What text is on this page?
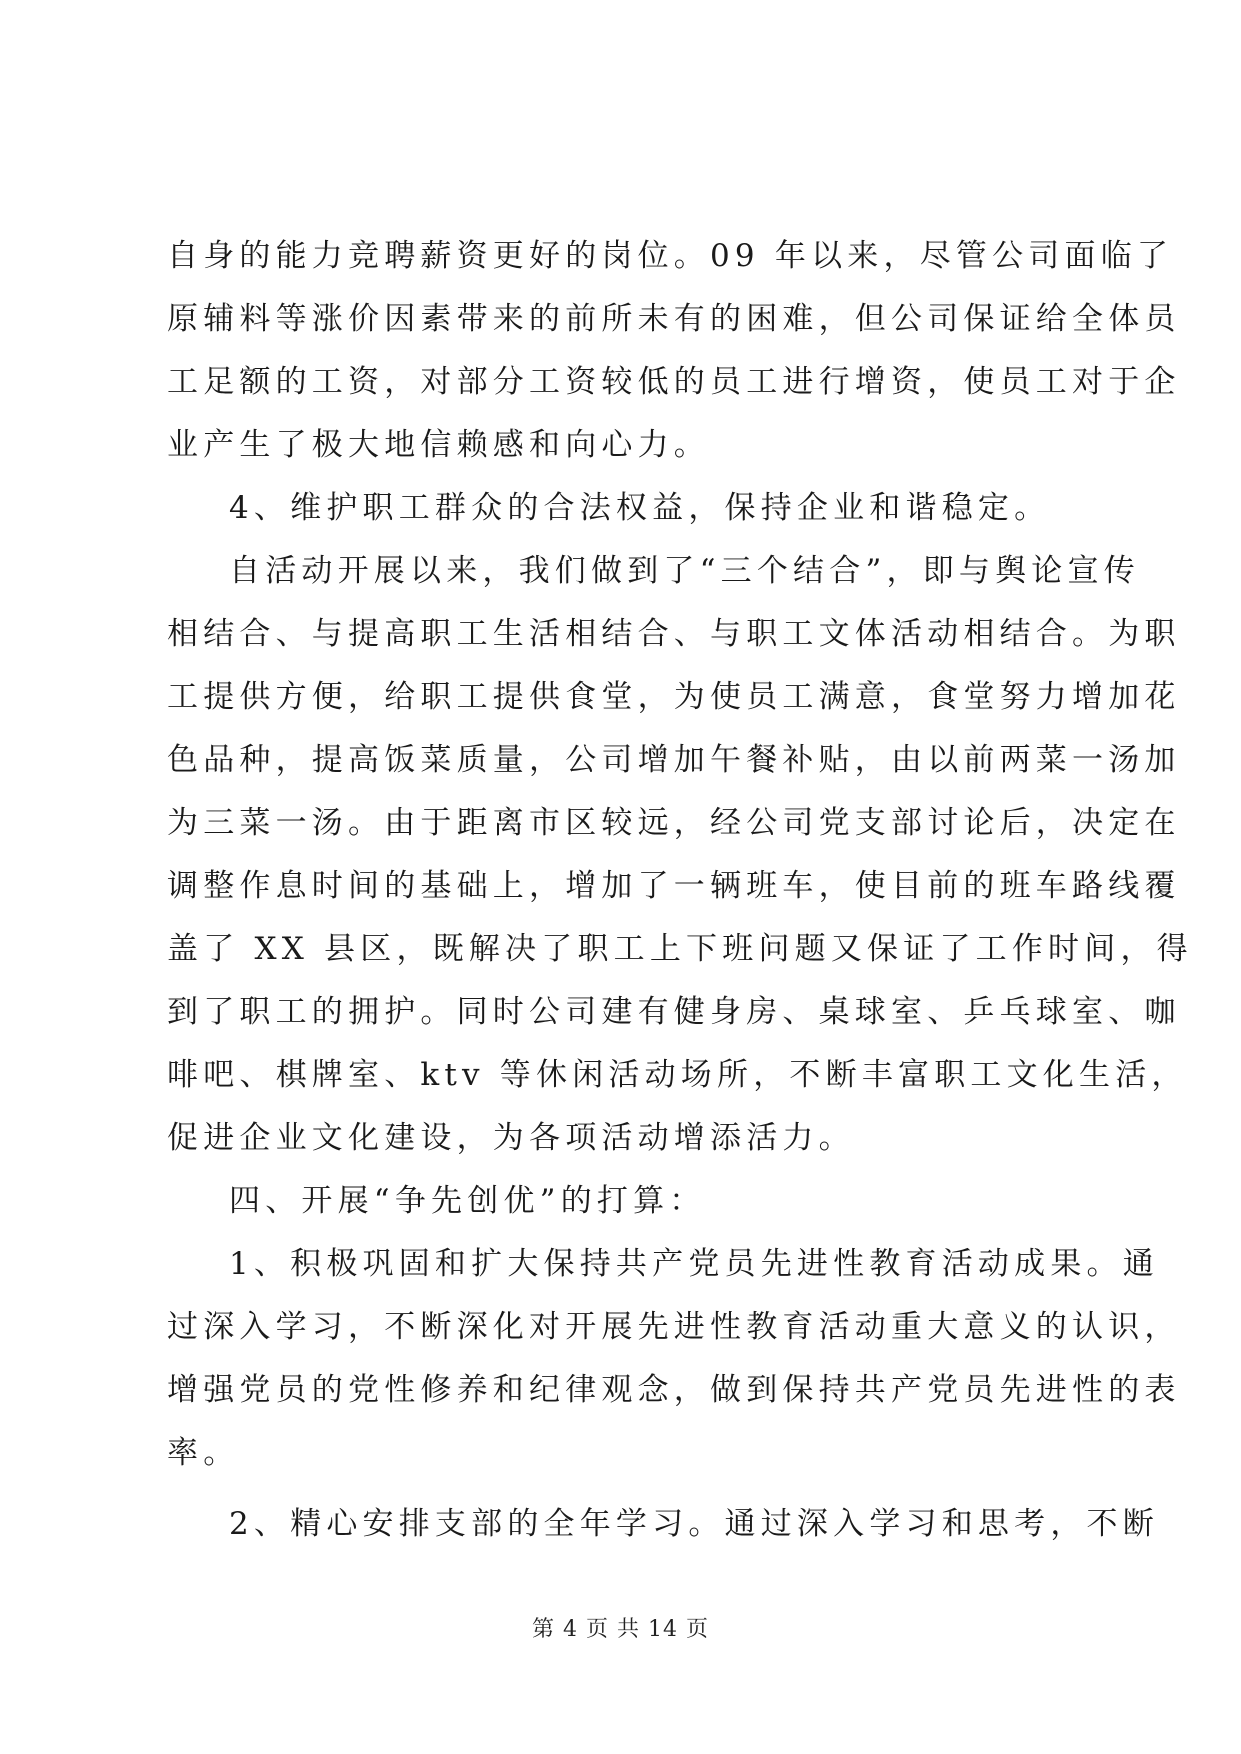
自身的能力竞聘薪资更好的岗位。09 年以来，尽管公司面临了
原辅料等涨价因素带来的前所未有的困难，但公司保证给全体员
工足额的工资，对部分工资较低的员工进行增资，使员工对于企
业产生了极大地信赖感和向心力。
4、维护职工群众的合法权益，保持企业和谐稳定。
自活动开展以来，我们做到了“三个结合”，即与舆论宣传
相结合、与提高职工生活相结合、与职工文体活动相结合。为职
工提供方便，给职工提供食堂，为使员工满意，食堂努力增加花
色品种，提高饭菜质量，公司增加午餐补贴，由以前两菜一汤加
为三菜一汤。由于距离市区较远，经公司党支部讨论后，决定在
调整作息时间的基础上，增加了一辆班车，使目前的班车路线覆
盖了 XX 县区，既解决了职工上下班问题又保证了工作时间，得
到了职工的拥护。同时公司建有健身房、桌球室、乒乓球室、咖
啡吧、棋牌室、ktv 等休闲活动场所，不断丰富职工文化生活，
促进企业文化建设，为各项活动增添活力。
四、开展“争先创优”的打算：
1、积极巩固和扩大保持共产党员先进性教育活动成果。通
过深入学习，不断深化对开展先进性教育活动重大意义的认识，
增强党员的党性修养和纪律观念，做到保持共产党员先进性的表
率。
2、精心安排支部的全年学习。通过深入学习和思考，不断
第 4 页 共 14 页
